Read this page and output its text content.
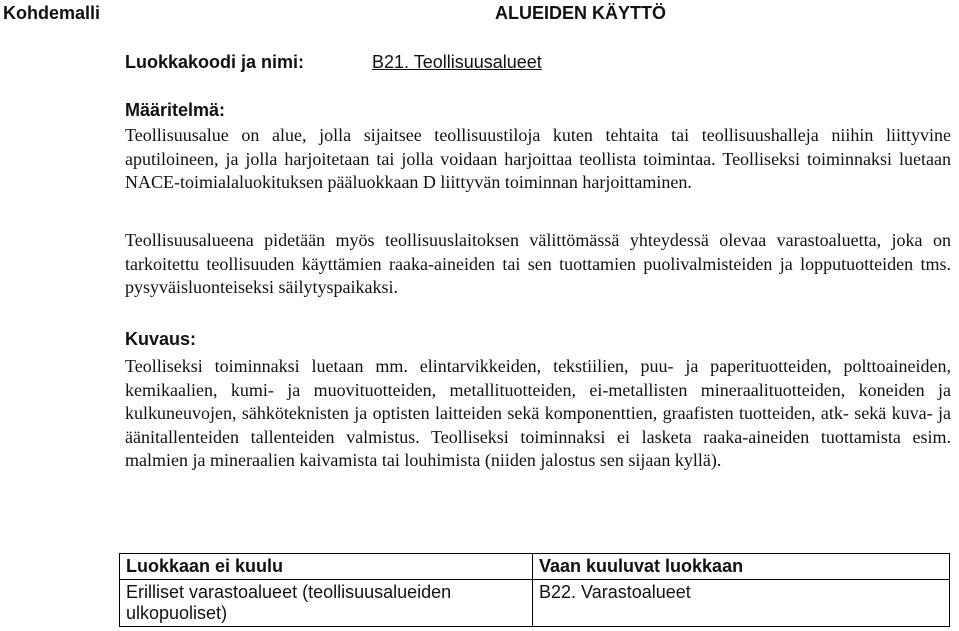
Kohdemalli	ALUEIDEN KÄYTTÖ
Luokkakoodi ja nimi:	B21. Teollisuusalueet
Määritelmä:
Teollisuusalue on alue, jolla sijaitsee teollisuustiloja kuten tehtaita tai teollisuushalleja niihin liittyvine aputiloineen, ja jolla harjoitetaan tai jolla voidaan harjoittaa teollista toimintaa. Teolliseksi toiminnaksi luetaan NACE-toimialaluokituksen pääluokkaan D liittyvän toiminnan harjoittaminen.
Teollisuusalueena pidetään myös teollisuuslaitoksen välittömässä yhteydessä olevaa varastoaluetta, joka on tarkoitettu teollisuuden käyttämien raaka-aineiden tai sen tuottamien puolivalmisteiden ja lopputuotteiden tms. pysyväisluonteiseksi säilytyspaikaksi.
Kuvaus:
Teolliseksi toiminnaksi luetaan mm. elintarvikkeiden, tekstiilien, puu- ja paperituotteiden, polttoaineiden, kemikaalien, kumi- ja muovituotteiden, metallituotteiden, ei-metallisten mineraalituotteiden, koneiden ja kulkuneuvojen, sähköteknisten ja optisten laitteiden sekä komponenttien, graafisten tuotteiden, atk- sekä kuva- ja äänitallenteiden tallenteiden valmistus. Teolliseksi toiminnaksi ei lasketa raaka-aineiden tuottamista esim. malmien ja mineraalien kaivamista tai louhimista (niiden jalostus sen sijaan kyllä).
Luokkaan ei kuulu	Vaan kuuluvat luokkaan
Erilliset varastoalueet (teollisuusalueiden ulkopuoliset)	B22. Varastoalueet
